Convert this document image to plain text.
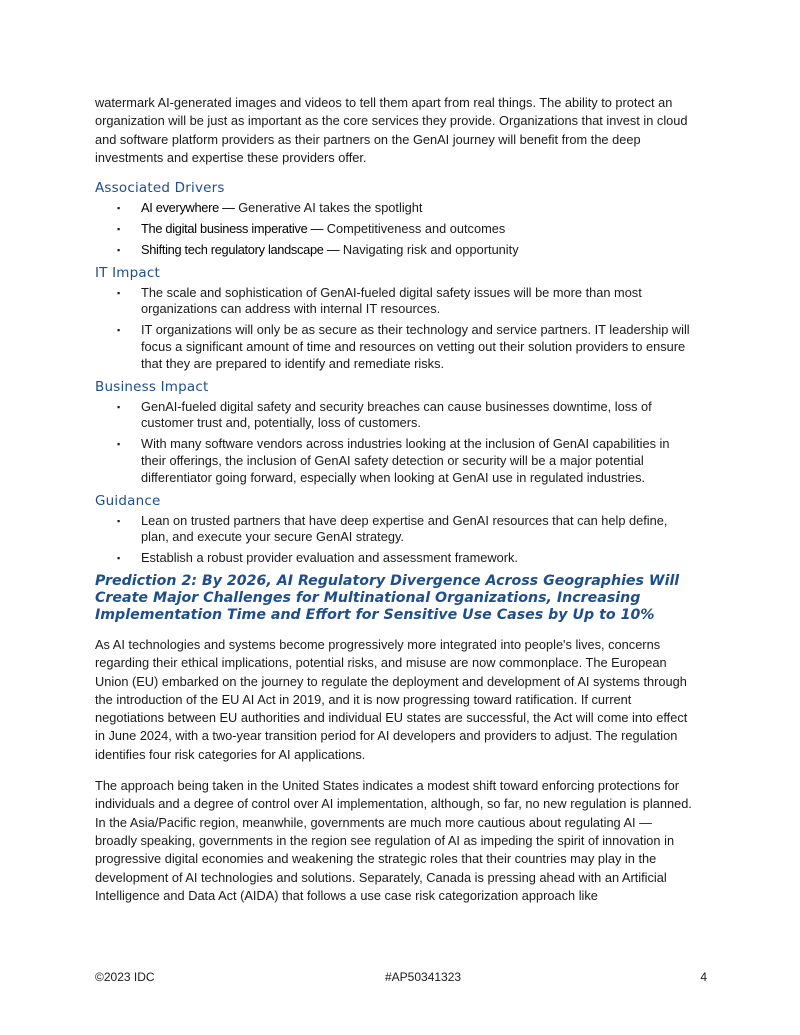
watermark AI-generated images and videos to tell them apart from real things. The ability to protect an organization will be just as important as the core services they provide. Organizations that invest in cloud and software platform providers as their partners on the GenAI journey will benefit from the deep investments and expertise these providers offer.

Associated Drivers
▪ AI everywhere — Generative AI takes the spotlight
▪ The digital business imperative — Competitiveness and outcomes
▪ Shifting tech regulatory landscape — Navigating risk and opportunity
IT Impact
▪ The scale and sophistication of GenAI-fueled digital safety issues will be more than most organizations can address with internal IT resources.
▪ IT organizations will only be as secure as their technology and service partners. IT leadership will focus a significant amount of time and resources on vetting out their solution providers to ensure that they are prepared to identify and remediate risks.
Business Impact
▪ GenAI-fueled digital safety and security breaches can cause businesses downtime, loss of customer trust and, potentially, loss of customers.
▪ With many software vendors across industries looking at the inclusion of GenAI capabilities in their offerings, the inclusion of GenAI safety detection or security will be a major potential differentiator going forward, especially when looking at GenAI use in regulated industries.
Guidance
▪ Lean on trusted partners that have deep expertise and GenAI resources that can help define, plan, and execute your secure GenAI strategy.
▪ Establish a robust provider evaluation and assessment framework.
Prediction 2: By 2026, AI Regulatory Divergence Across Geographies Will Create Major Challenges for Multinational Organizations, Increasing Implementation Time and Effort for Sensitive Use Cases by Up to 10%

As AI technologies and systems become progressively more integrated into people's lives, concerns regarding their ethical implications, potential risks, and misuse are now commonplace. The European Union (EU) embarked on the journey to regulate the deployment and development of AI systems through the introduction of the EU AI Act in 2019, and it is now progressing toward ratification. If current negotiations between EU authorities and individual EU states are successful, the Act will come into effect in June 2024, with a two-year transition period for AI developers and providers to adjust. The regulation identifies four risk categories for AI applications.

The approach being taken in the United States indicates a modest shift toward enforcing protections for individuals and a degree of control over AI implementation, although, so far, no new regulation is planned. In the Asia/Pacific region, meanwhile, governments are much more cautious about regulating AI — broadly speaking, governments in the region see regulation of AI as impeding the spirit of innovation in progressive digital economies and weakening the strategic roles that their countries may play in the development of AI technologies and solutions. Separately, Canada is pressing ahead with an Artificial Intelligence and Data Act (AIDA) that follows a use case risk categorization approach like

©2023 IDC	#AP50341323	4
